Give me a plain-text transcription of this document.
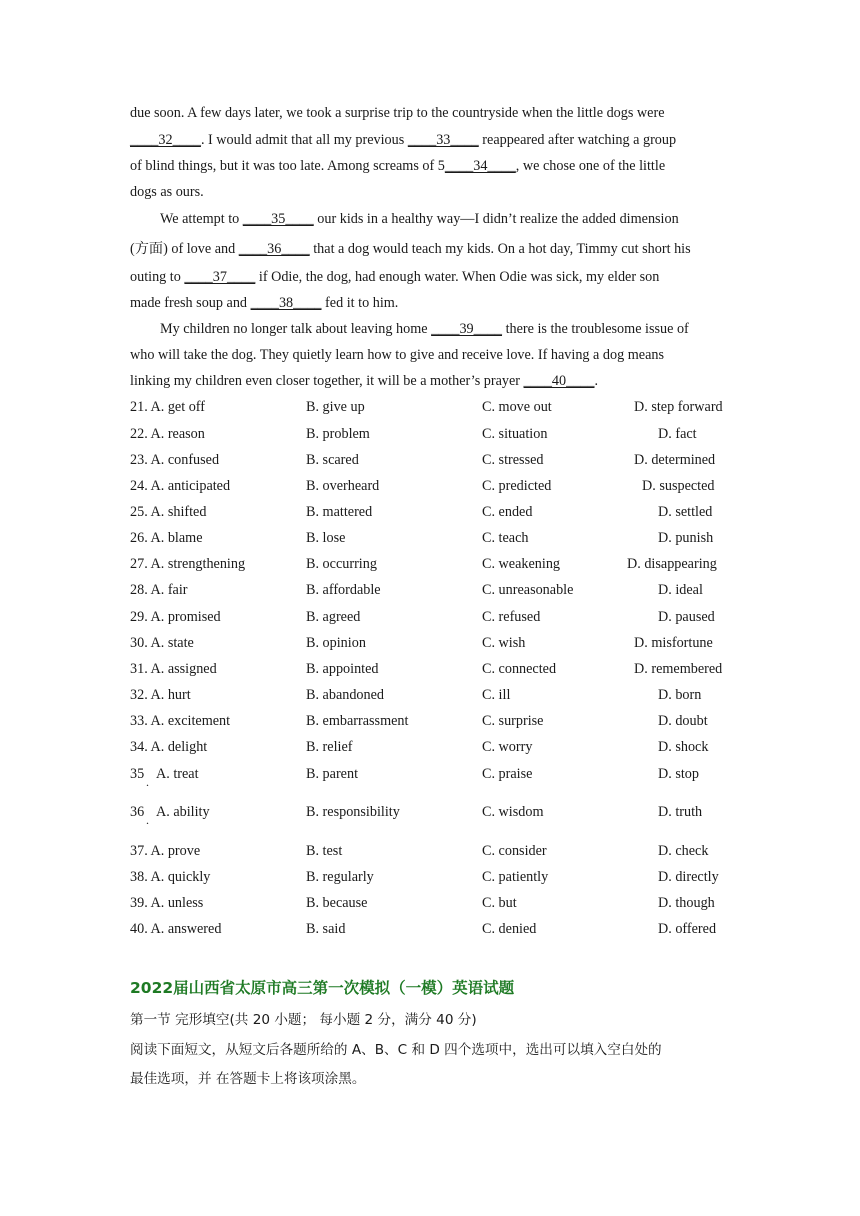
due soon. A few days later, we took a surprise trip to the countryside when the little dogs were
____32____. I would admit that all my previous ____33____ reappeared after watching a group
of blind things, but it was too late. Among screams of 5____34____, we chose one of the little
dogs as ours.
We attempt to ____35____ our kids in a healthy way—I didn’t realize the added dimension
(方面) of love and ____36____ that a dog would teach my kids. On a hot day, Timmy cut short his
outing to ____37____ if Odie, the dog, had enough water. When Odie was sick, my elder son
made fresh soup and ____38____ fed it to him.
My children no longer talk about leaving home ____39____ there is the troublesome issue of
who will take the dog. They quietly learn how to give and receive love. If having a dog means
linking my children even closer together, it will be a mother’s prayer ____40____.
21. A. get off	B. give up	C. move out	D. step forward
22. A. reason	B. problem	C. situation	D. fact
23. A. confused	B. scared	C. stressed	D. determined
24. A. anticipated	B. overheard	C. predicted	D. suspected
25. A. shifted	B. mattered	C. ended	D. settled
26. A. blame	B. lose	C. teach	D. punish
27. A. strengthening	B. occurring	C. weakening	D. disappearing
28. A. fair	B. affordable	C. unreasonable	D. ideal
29. A. promised	B. agreed	C. refused	D. paused
30. A. state	B. opinion	C. wish	D. misfortune
31. A. assigned	B. appointed	C. connected	D. remembered
32. A. hurt	B. abandoned	C. ill	D. born
33. A. excitement	B. embarrassment	C. surprise	D. doubt
34. A. delight	B. relief	C. worry	D. shock
35 . A. treat	B. parent	C. praise	D. stop
36 . A. ability	B. responsibility	C. wisdom	D. truth
37. A. prove	B. test	C. consider	D. check
38. A. quickly	B. regularly	C. patiently	D. directly
39. A. unless	B. because	C. but	D. though
40. A. answered	B. said	C. denied	D. offered
2022届山西省太原市高三第一次模拟（一模）英语试题
第一节 完形填空(共 20 小题； 每小题 2 分，满分 40 分)
阅读下面短文，从短文后各题所给的 A、B、C 和 D 四个选项中，选出可以填入空白处的
最佳选项，并 在答题卡上将该项涂黑。
